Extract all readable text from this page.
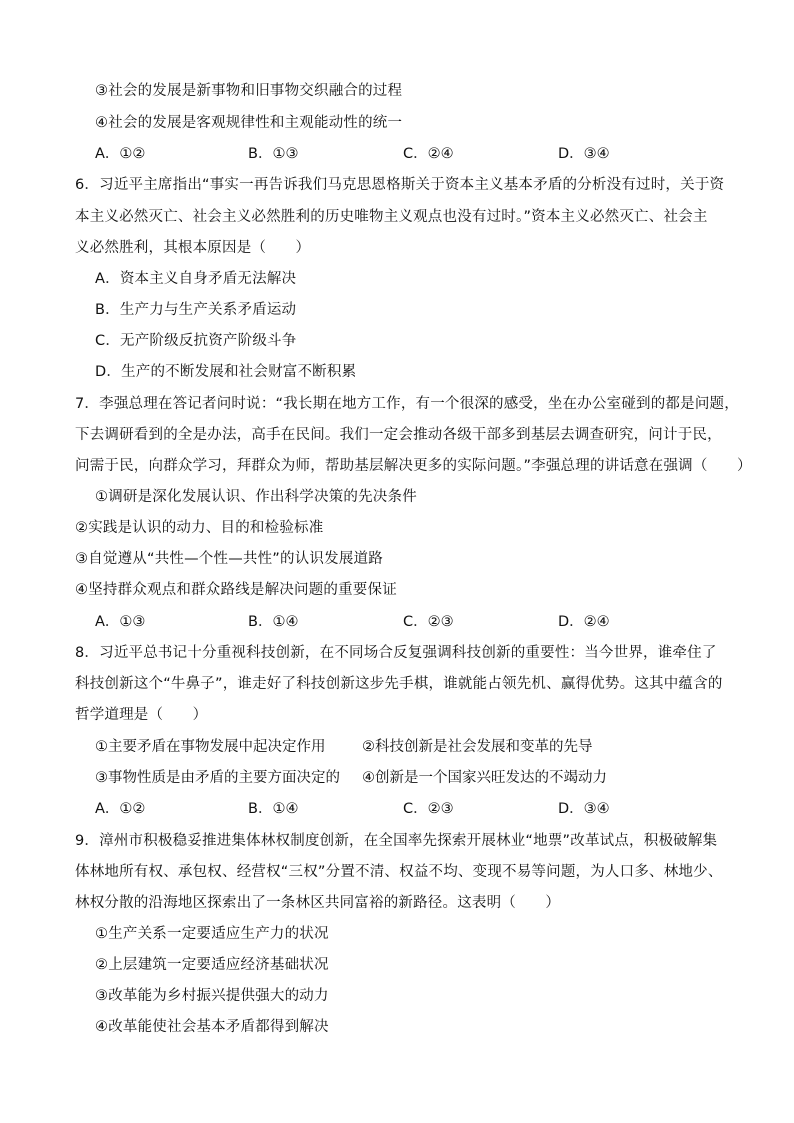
③社会的发展是新事物和旧事物交织融合的过程
④社会的发展是客观规律性和主观能动性的统一
A．①②	B．①③	C．②④	D．③④
6．习近平主席指出“事实一再告诉我们马克思恩格斯关于资本主义基本矛盾的分析没有过时，关于资
本主义必然灭亡、社会主义必然胜利的历史唯物主义观点也没有过时。”资本主义必然灭亡、社会主
义必然胜利，其根本原因是（　　）
A．资本主义自身矛盾无法解决
B．生产力与生产关系矛盾运动
C．无产阶级反抗资产阶级斗争
D．生产的不断发展和社会财富不断积累
7．李强总理在答记者问时说：“我长期在地方工作，有一个很深的感受，坐在办公室碰到的都是问题，
下去调研看到的全是办法，高手在民间。我们一定会推动各级干部多到基层去调查研究，问计于民，
问需于民，向群众学习，拜群众为师，帮助基层解决更多的实际问题。”李强总理的讲话意在强调（　　）
①调研是深化发展认识、作出科学决策的先决条件
②实践是认识的动力、目的和检验标准
③自觉遵从“共性—个性—共性”的认识发展道路
④坚持群众观点和群众路线是解决问题的重要保证
A．①③	B．①④	C．②③	D．②④
8．习近平总书记十分重视科技创新，在不同场合反复强调科技创新的重要性：当今世界，谁牵住了
科技创新这个“牛鼻子”，谁走好了科技创新这步先手棋，谁就能占领先机、赢得优势。这其中蕴含的
哲学道理是（　　）
①主要矛盾在事物发展中起决定作用	②科技创新是社会发展和变革的先导
③事物性质是由矛盾的主要方面决定的 ④创新是一个国家兴旺发达的不竭动力
A．①②	B．①④	C．②③	D．③④
9．漳州市积极稳妥推进集体林权制度创新，在全国率先探索开展林业“地票”改革试点，积极破解集
体林地所有权、承包权、经营权“三权”分置不清、权益不均、变现不易等问题，为人口多、林地少、
林权分散的沿海地区探索出了一条林区共同富裕的新路径。这表明（　　）
①生产关系一定要适应生产力的状况
②上层建筑一定要适应经济基础状况
③改革能为乡村振兴提供强大的动力
④改革能使社会基本矛盾都得到解决
